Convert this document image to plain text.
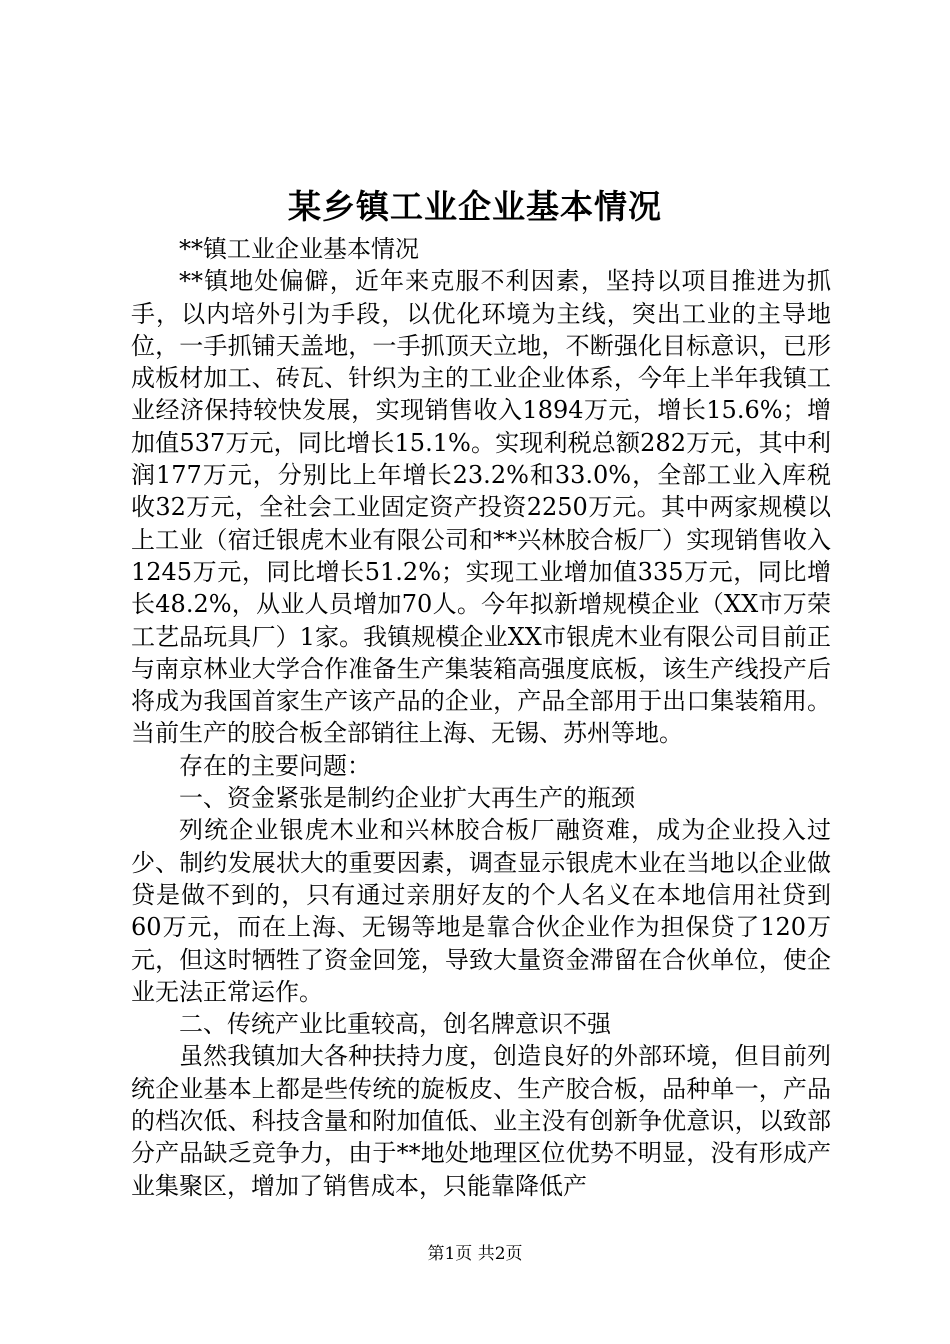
某乡镇工业企业基本情况

**镇工业企业基本情况

**镇地处偏僻，近年来克服不利因素，坚持以项目推进为抓手，以内培外引为手段，以优化环境为主线，突出工业的主导地位，一手抓铺天盖地，一手抓顶天立地，不断强化目标意识，已形成板材加工、砖瓦、针织为主的工业企业体系，今年上半年我镇工业经济保持较快发展，实现销售收入1894万元，增长15.6%；增加值537万元，同比增长15.1%。实现利税总额282万元，其中利润177万元，分别比上年增长23.2%和33.0%，全部工业入库税收32万元，全社会工业固定资产投资2250万元。其中两家规模以上工业（宿迁银虎木业有限公司和**兴林胶合板厂）实现销售收入1245万元，同比增长51.2%；实现工业增加值335万元，同比增长48.2%，从业人员增加70人。今年拟新增规模企业（XX市万荣工艺品玩具厂）1家。我镇规模企业XX市银虎木业有限公司目前正与南京林业大学合作准备生产集装箱高强度底板，该生产线投产后将成为我国首家生产该产品的企业，产品全部用于出口集装箱用。当前生产的胶合板全部销往上海、无锡、苏州等地。

存在的主要问题：

一、资金紧张是制约企业扩大再生产的瓶颈

列统企业银虎木业和兴林胶合板厂融资难，成为企业投入过少、制约发展状大的重要因素，调查显示银虎木业在当地以企业做贷是做不到的，只有通过亲朋好友的个人名义在本地信用社贷到60万元，而在上海、无锡等地是靠合伙企业作为担保贷了120万元，但这时牺牲了资金回笼，导致大量资金滞留在合伙单位，使企业无法正常运作。

二、传统产业比重较高，创名牌意识不强

虽然我镇加大各种扶持力度，创造良好的外部环境，但目前列统企业基本上都是些传统的旋板皮、生产胶合板，品种单一，产品的档次低、科技含量和附加值低、业主没有创新争优意识，以致部分产品缺乏竞争力，由于**地处地理区位优势不明显，没有形成产业集聚区，增加了销售成本，只能靠降低产

第1页 共2页
